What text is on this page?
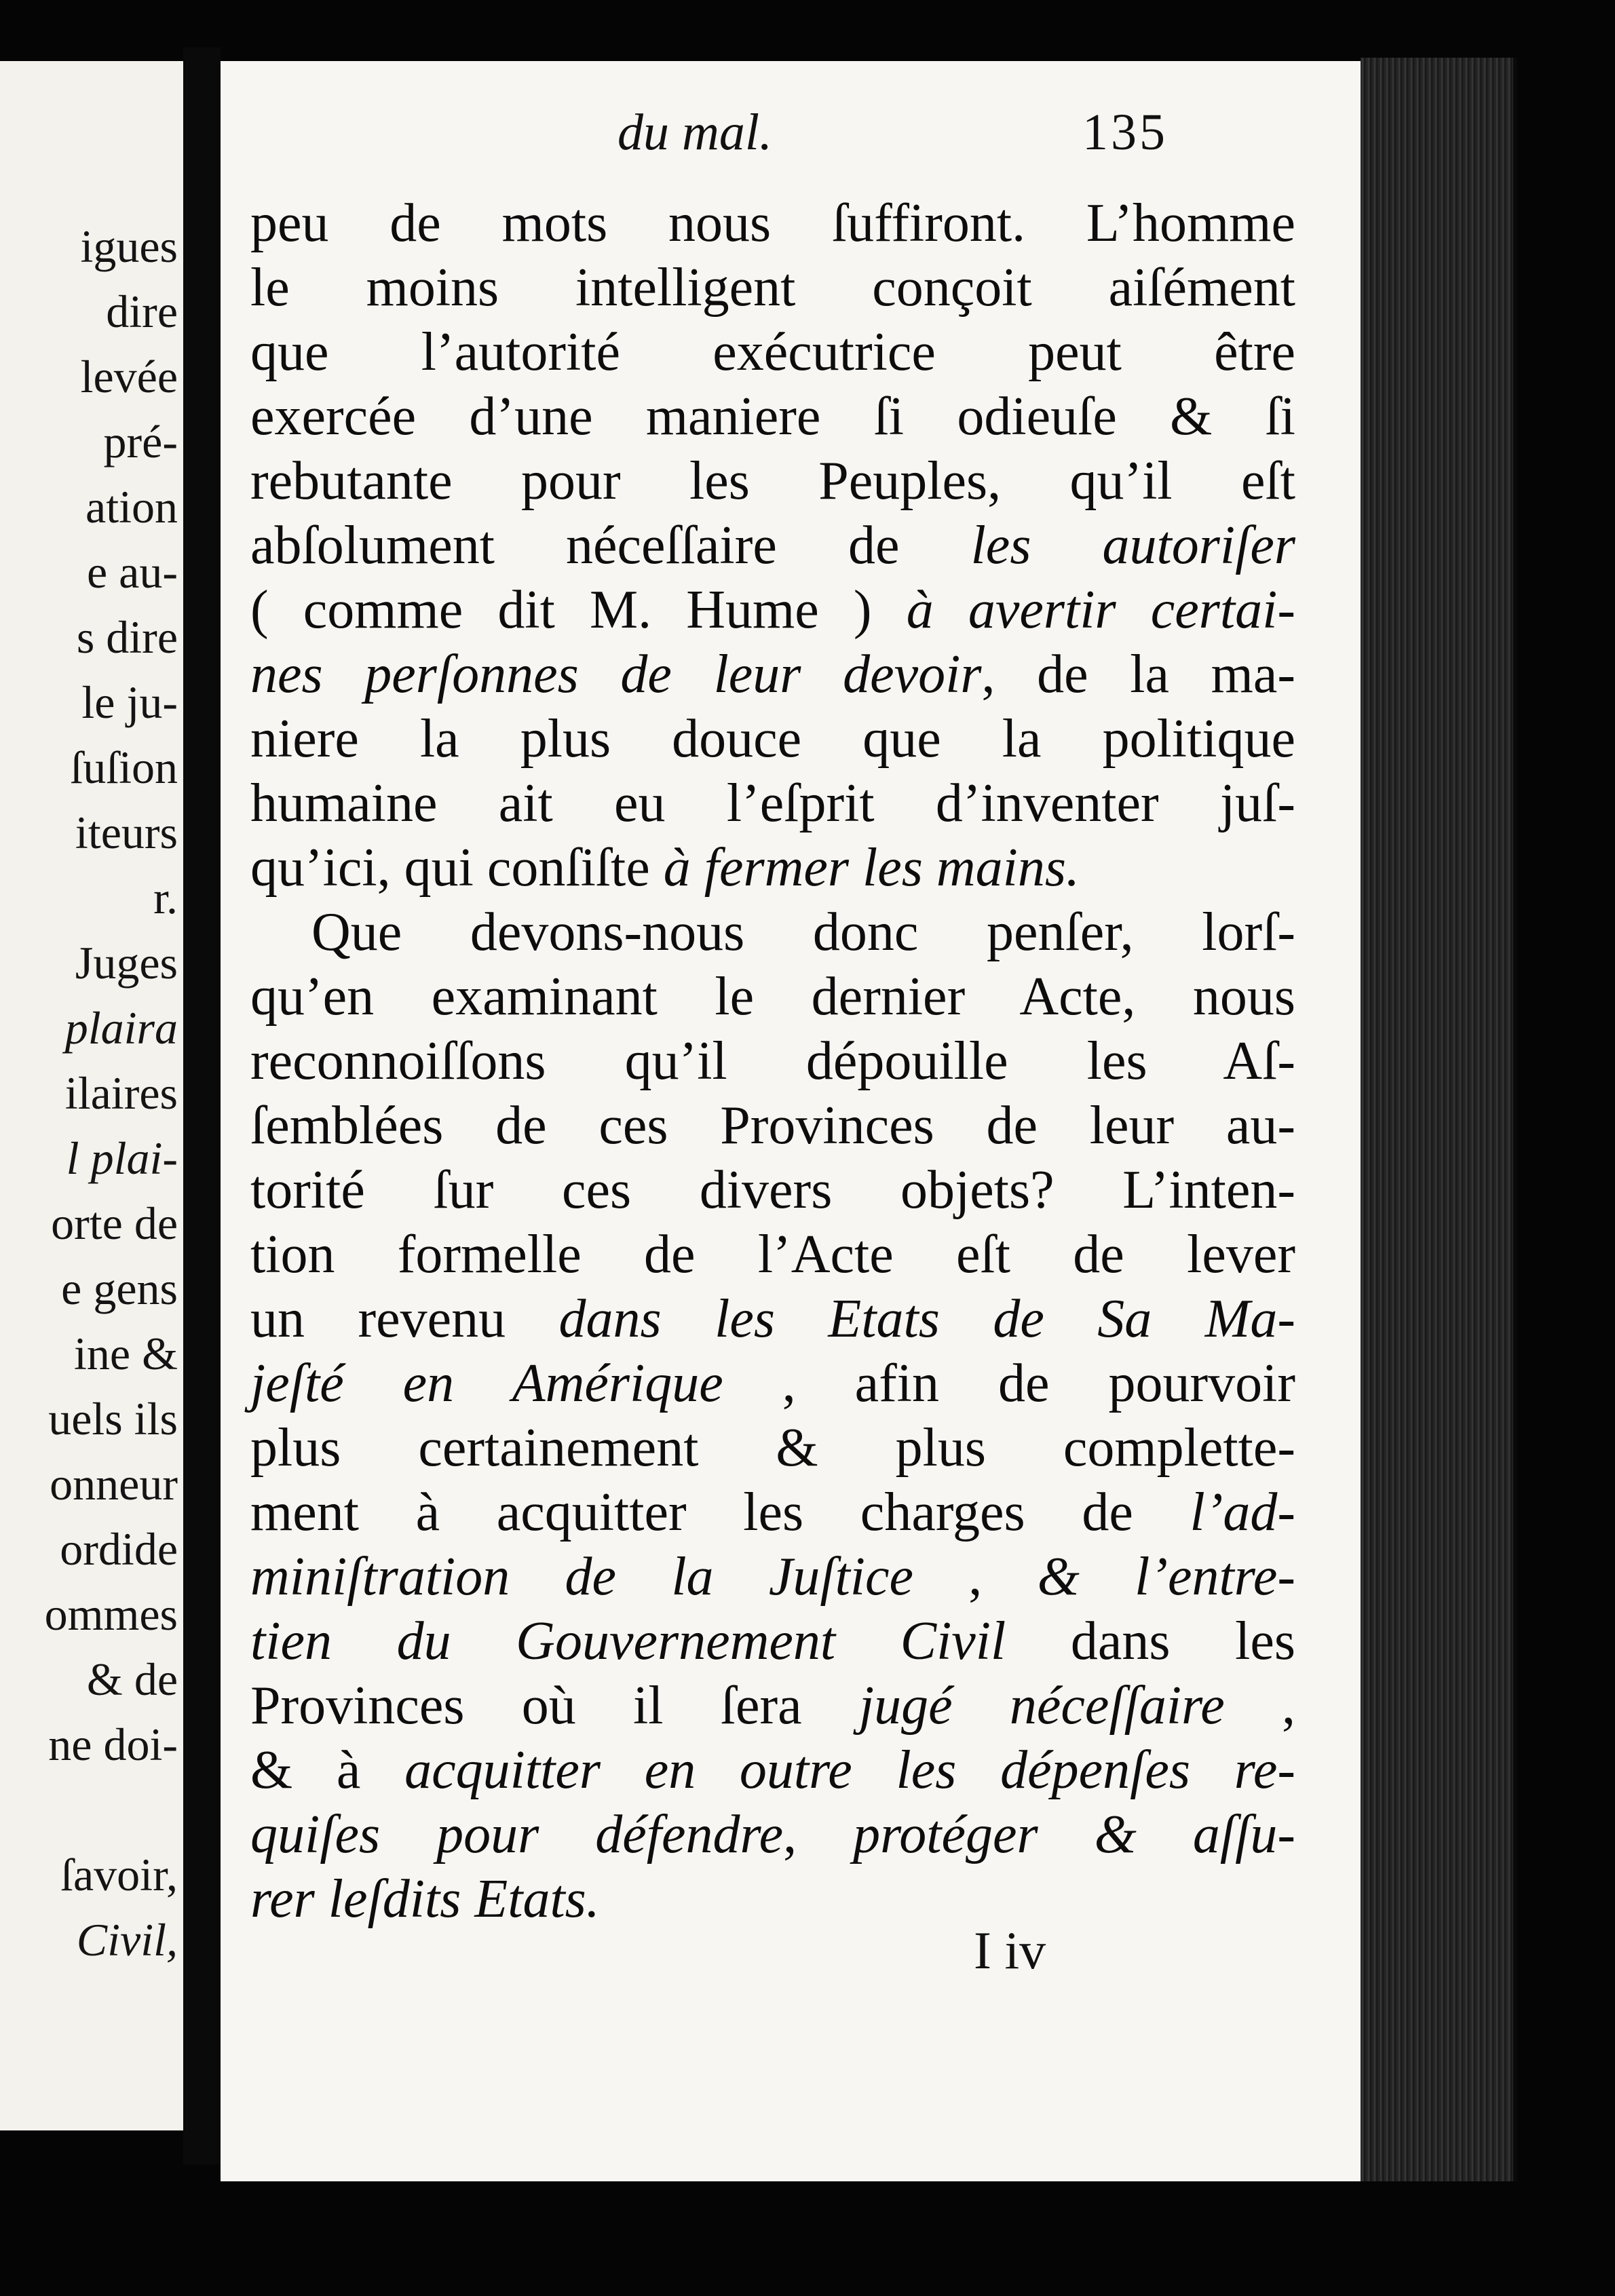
igues
dire
levée
pré-
ation
e au-
s dire
le ju-
ſuſion
iteurs
r.
Juges
plaira
ilaires
l plai-
orte de
e gens
ine &
uels ils
onneur
ordide
ommes
& de
ne doi-
ſavoir,
Civil,
du mal.	135
peu de mots nous ſuffiront. L’homme
le moins intelligent conçoit aiſément
que l’autorité exécutrice peut être
exercée d’une maniere ſi odieuſe & ſi
rebutante pour les Peuples, qu’il eſt
abſolument néceſſaire de les autoriſer
( comme dit M. Hume ) à avertir certai-
nes perſonnes de leur devoir, de la ma-
niere la plus douce que la politique
humaine ait eu l’eſprit d’inventer juſ-
qu’ici, qui conſiſte à fermer les mains.
Que devons-nous donc penſer, lorſ-
qu’en examinant le dernier Acte, nous
reconnoiſſons qu’il dépouille les Aſ-
ſemblées de ces Provinces de leur au-
torité ſur ces divers objets? L’inten-
tion formelle de l’Acte eſt de lever
un revenu dans les Etats de Sa Ma-
jeſté en Amérique , afin de pourvoir
plus certainement & plus complette-
ment à acquitter les charges de l’ad-
miniſtration de la Juſtice , & l’entre-
tien du Gouvernement Civil dans les
Provinces où il ſera jugé néceſſaire ,
& à acquitter en outre les dépenſes re-
quiſes pour défendre, protéger & aſſu-
rer leſdits Etats.
I iv
